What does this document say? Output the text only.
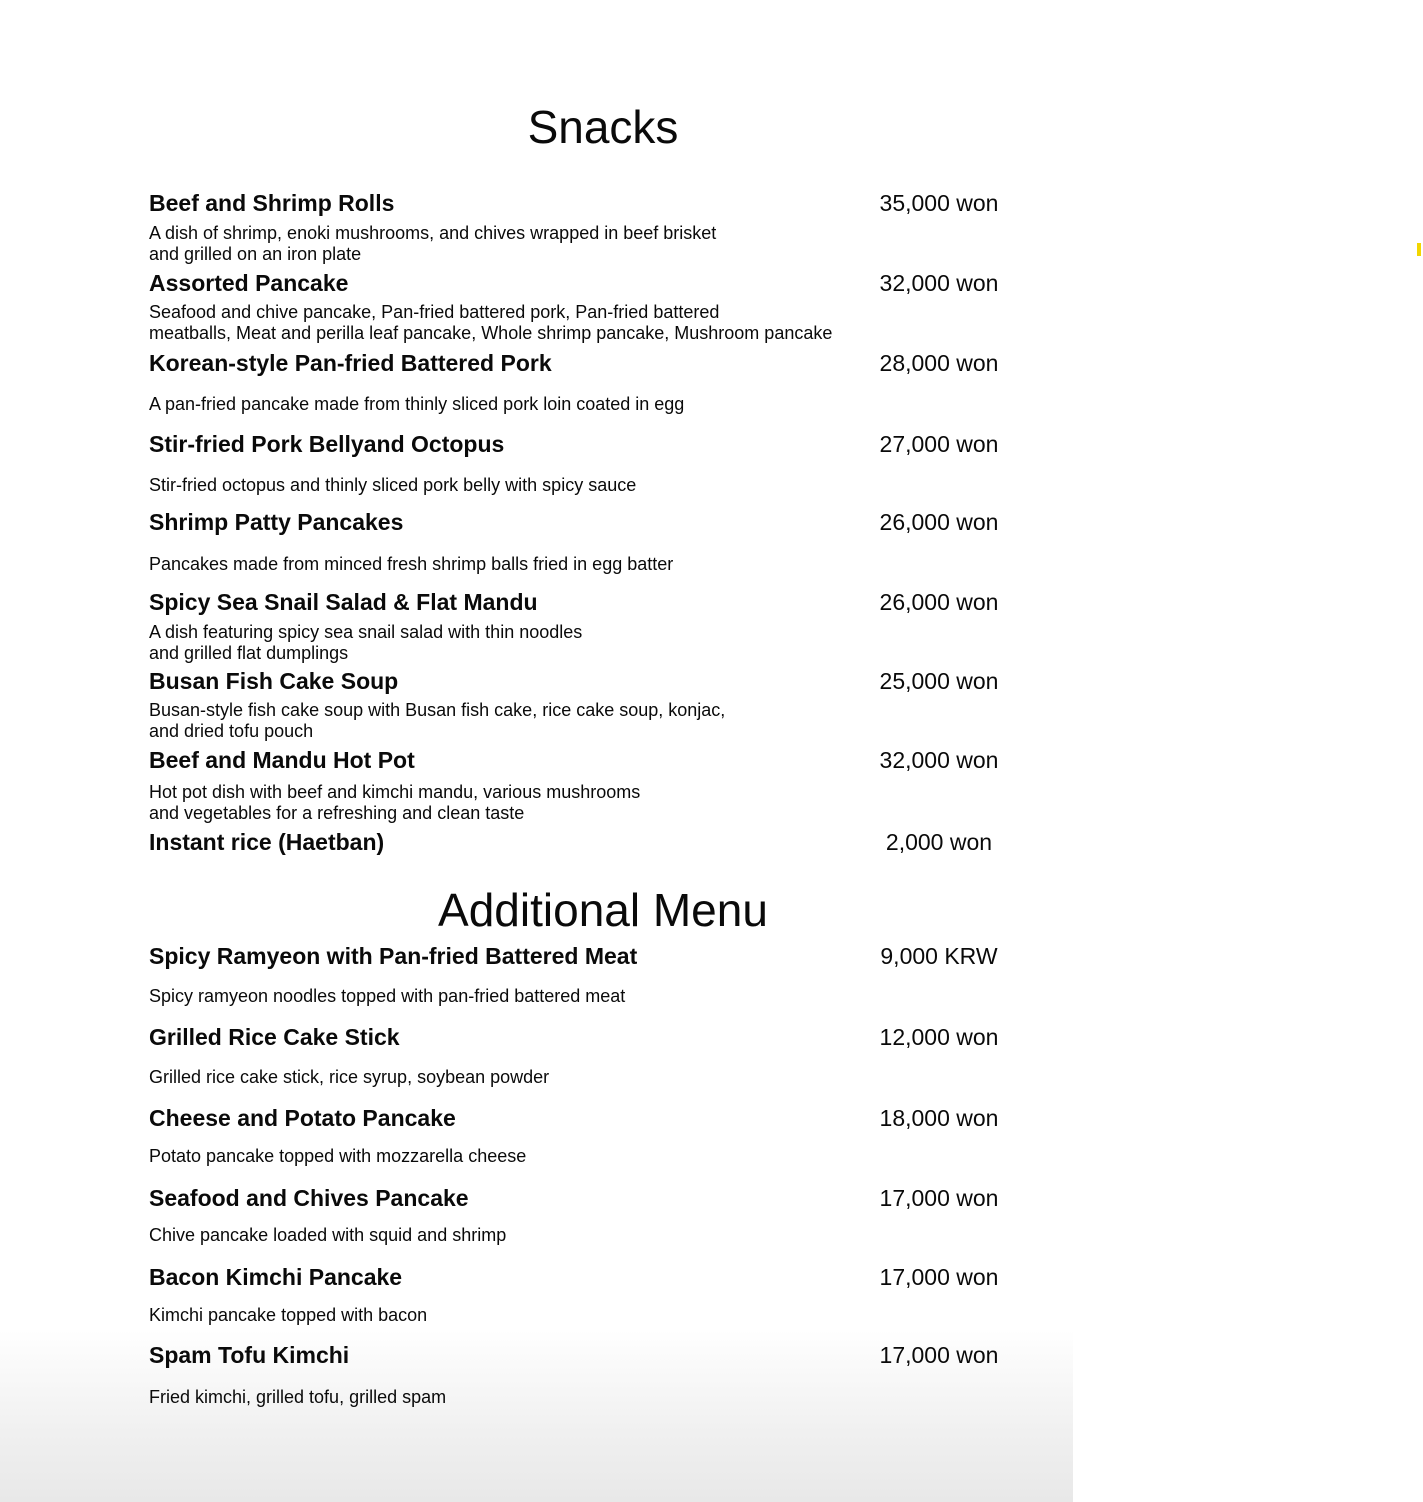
Snacks
Beef and Shrimp Rolls	35,000 won
A dish of shrimp, enoki mushrooms, and chives wrapped in beef brisket
and grilled on an iron plate
Assorted Pancake	32,000 won
Seafood and chive pancake, Pan-fried battered pork, Pan-fried battered
meatballs, Meat and perilla leaf pancake, Whole shrimp pancake, Mushroom pancake
Korean-style Pan-fried Battered Pork	28,000 won
A pan-fried pancake made from thinly sliced pork loin coated in egg
Stir-fried Pork Bellyand Octopus	27,000 won
Stir-fried octopus and thinly sliced pork belly with spicy sauce
Shrimp Patty Pancakes	26,000 won
Pancakes made from minced fresh shrimp balls fried in egg batter
Spicy Sea Snail Salad & Flat Mandu	26,000 won
A dish featuring spicy sea snail salad with thin noodles
and grilled flat dumplings
Busan Fish Cake Soup	25,000 won
Busan-style fish cake soup with Busan fish cake, rice cake soup, konjac,
and dried tofu pouch
Beef and Mandu Hot Pot	32,000 won
Hot pot dish with beef and kimchi mandu, various mushrooms
and vegetables for a refreshing and clean taste
Instant rice (Haetban)	2,000 won
Additional Menu
Spicy Ramyeon with Pan-fried Battered Meat	9,000 KRW
Spicy ramyeon noodles topped with pan-fried battered meat
Grilled Rice Cake Stick	12,000 won
Grilled rice cake stick, rice syrup, soybean powder
Cheese and Potato Pancake	18,000 won
Potato pancake topped with mozzarella cheese
Seafood and Chives Pancake	17,000 won
Chive pancake loaded with squid and shrimp
Bacon Kimchi Pancake	17,000 won
Kimchi pancake topped with bacon
Spam Tofu Kimchi	17,000 won
Fried kimchi, grilled tofu, grilled spam
